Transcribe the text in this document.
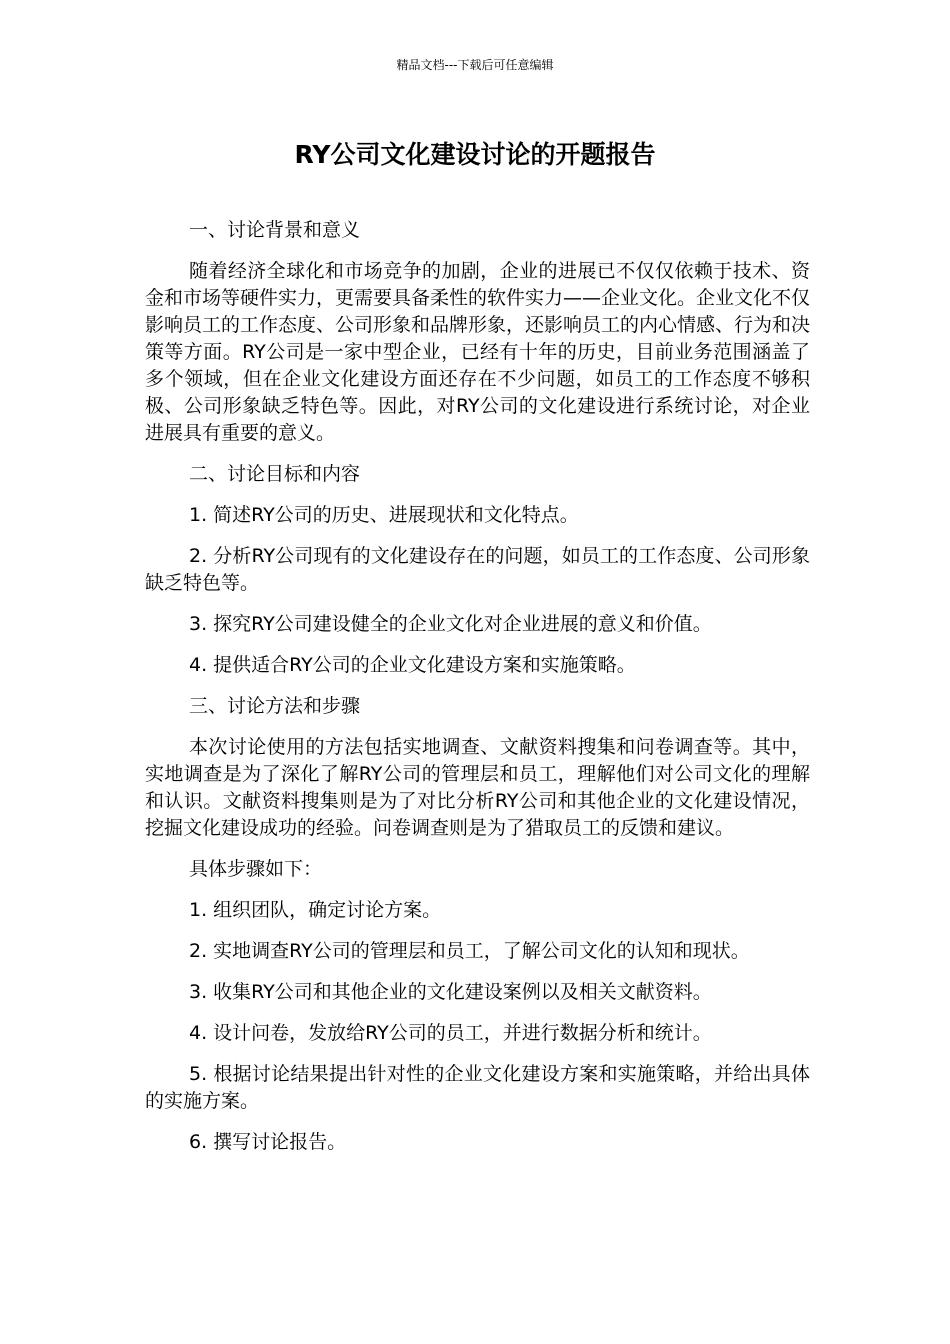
精品文档---下载后可任意编辑
RY公司文化建设讨论的开题报告

一、讨论背景和意义

随着经济全球化和市场竞争的加剧，企业的进展已不仅仅依赖于技术、资金和市场等硬件实力，更需要具备柔性的软件实力——企业文化。企业文化不仅影响员工的工作态度、公司形象和品牌形象，还影响员工的内心情感、行为和决策等方面。RY公司是一家中型企业，已经有十年的历史，目前业务范围涵盖了多个领域，但在企业文化建设方面还存在不少问题，如员工的工作态度不够积极、公司形象缺乏特色等。因此，对RY公司的文化建设进行系统讨论，对企业进展具有重要的意义。

二、讨论目标和内容

1. 简述RY公司的历史、进展现状和文化特点。

2. 分析RY公司现有的文化建设存在的问题，如员工的工作态度、公司形象缺乏特色等。

3. 探究RY公司建设健全的企业文化对企业进展的意义和价值。

4. 提供适合RY公司的企业文化建设方案和实施策略。

三、讨论方法和步骤

本次讨论使用的方法包括实地调查、文献资料搜集和问卷调查等。其中，实地调查是为了深化了解RY公司的管理层和员工，理解他们对公司文化的理解和认识。文献资料搜集则是为了对比分析RY公司和其他企业的文化建设情况，挖掘文化建设成功的经验。问卷调查则是为了猎取员工的反馈和建议。

具体步骤如下：

1. 组织团队，确定讨论方案。

2. 实地调查RY公司的管理层和员工，了解公司文化的认知和现状。

3. 收集RY公司和其他企业的文化建设案例以及相关文献资料。

4. 设计问卷，发放给RY公司的员工，并进行数据分析和统计。

5. 根据讨论结果提出针对性的企业文化建设方案和实施策略，并给出具体的实施方案。

6. 撰写讨论报告。
